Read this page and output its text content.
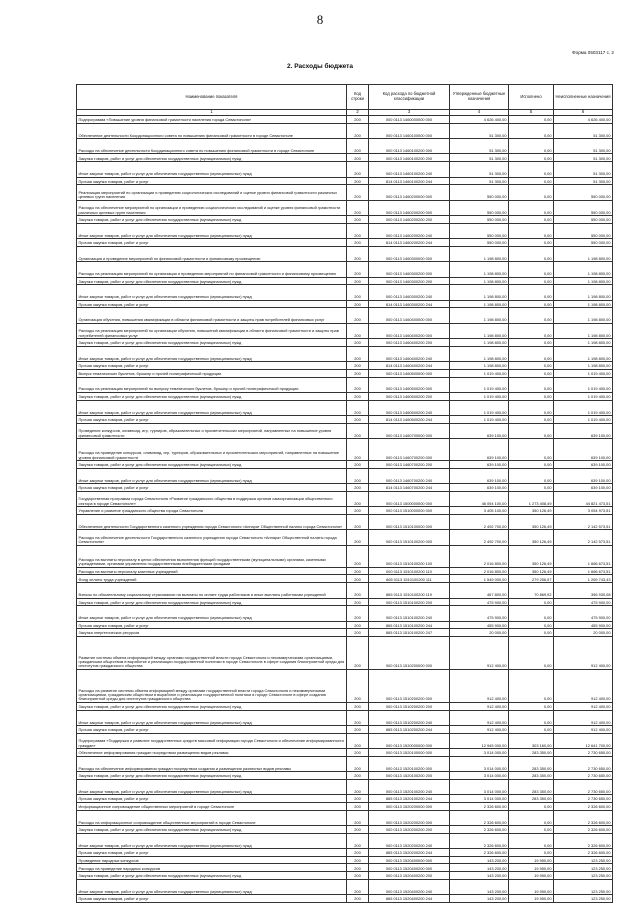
8
Форма 0503117 с. 2
2. Расходы бюджета
Наименование показателя	Код строки	Код расхода по бюджетной классификации	Утвержденные бюджетные назначения	Исполнено	Неисполненные назначения
1	2	3	4	5	6
Подпрограмма «Повышение уровня финансовой грамотности населения города Севастополя»	200	000 0113 1460000000 000	4 626 400,00	0,00	4 626 400,00
Обеспечение деятельности Координационного совета по повышению финансовой грамотности в городе Севастополе	200	000 0113 1460100000 000	51 300,00	0,00	51 300,00
Расходы на обеспечение деятельности Координационного совета по повышению финансовой грамотности в городе Севастополе	200	000 0113 1460100200 000	51 300,00	0,00	51 300,00
Закупка товаров, работ и услуг для обеспечения государственных (муниципальных) нужд	200	000 0113 1460100200 200	51 300,00	0,00	51 300,00
Иные закупки товаров, работ и услуг для обеспечения государственных (муниципальных) нужд	200	000 0113 1460100200 240	51 300,00	0,00	51 300,00
Прочая закупка товаров, работ и услуг	200	814 0113 1460100200 244	51 300,00	0,00	51 300,00
Реализация мероприятий по организации и проведению социологических исследований и оценке уровня финансовой грамотности различных целевых групп населения	200	000 0113 1460200000 000	550 000,00	0,00	550 000,00
Расходы на обеспечение мероприятий по организации и проведению социологических исследований и оценке уровня финансовой грамотности различных целевых групп населения	200	000 0113 1460200200 000	550 000,00	0,00	550 000,00
Закупка товаров, работ и услуг для обеспечения государственных (муниципальных) нужд	200	000 0113 1460200200 200	550 000,00	0,00	550 000,00
Иные закупки товаров, работ и услуг для обеспечения государственных (муниципальных) нужд	200	000 0113 1460200200 240	550 000,00	0,00	550 000,00
Прочая закупка товаров, работ и услуг	200	814 0113 1460200200 244	550 000,00	0,00	550 000,00
Организация и проведение мероприятий по финансовой грамотности и финансовому просвещению	200	000 0113 1460300000 000	1 198 800,00	0,00	1 198 800,00
Расходы на реализацию мероприятий по организации и проведению мероприятий по финансовой грамотности и финансовому просвещению	200	000 0113 1460300200 000	1 198 800,00	0,00	1 198 800,00
Закупка товаров, работ и услуг для обеспечения государственных (муниципальных) нужд	200	000 0113 1460300200 200	1 198 800,00	0,00	1 198 800,00
Иные закупки товаров, работ и услуг для обеспечения государственных (муниципальных) нужд	200	000 0113 1460300200 240	1 198 800,00	0,00	1 198 800,00
Прочая закупка товаров, работ и услуг	200	814 0113 1460300200 244	1 198 800,00	0,00	1 198 800,00
Организация обучения, повышения квалификации в области финансовой грамотности и защиты прав потребителей финансовых услуг	200	000 0113 1460400000 000	1 198 800,00	0,00	1 198 800,00
Расходы на реализацию мероприятий по организации обучения, повышений квалификации в области финансовой грамотности и защиты прав потребителей финансовых услуг	200	000 0113 1460400200 000	1 198 800,00	0,00	1 198 800,00
Закупка товаров, работ и услуг для обеспечения государственных (муниципальных) нужд	200	000 0113 1460400200 200	1 198 800,00	0,00	1 198 800,00
Иные закупки товаров, работ и услуг для обеспечения государственных (муниципальных) нужд	200	000 0113 1460400200 240	1 198 800,00	0,00	1 198 800,00
Прочая закупка товаров, работ и услуг	200	814 0113 1460400200 244	1 198 800,00	0,00	1 198 800,00
Выпуск тематических буклетов, брошюр и прочей полиграфической продукции	200	000 0113 1460500000 000	1 019 400,00	0,00	1 019 400,00
Расходы на реализацию мероприятий по выпуску тематических буклетов, брошюр и прочей полиграфической продукции	200	000 0113 1460500200 000	1 019 400,00	0,00	1 019 400,00
Закупка товаров, работ и услуг для обеспечения государственных (муниципальных) нужд	200	000 0113 1460500200 200	1 019 400,00	0,00	1 019 400,00
Иные закупки товаров, работ и услуг для обеспечения государственных (муниципальных) нужд	200	000 0113 1460500200 240	1 019 400,00	0,00	1 019 400,00
Прочая закупка товаров, работ и услуг	200	814 0113 1460500200 244	1 019 400,00	0,00	1 019 400,00
Проведение конкурсов, олимпиад, игр, турниров, образовательных и просветительских мероприятий, направленных на повышение уровня финансовой грамотности	200	000 0113 1460700000 000	639 100,00	0,00	639 100,00
Расходы на проведение конкурсов, олимпиад, игр, турниров, образовательных и просветительских мероприятий, направленных на повышение уровня финансовой грамотности	200	000 0113 1460700200 000	639 100,00	0,00	639 100,00
Закупка товаров, работ и услуг для обеспечения государственных (муниципальных) нужд	200	000 0113 1460700200 200	639 100,00	0,00	639 100,00
Иные закупки товаров, работ и услуг для обеспечения государственных (муниципальных) нужд	200	000 0113 1460700200 240	639 100,00	0,00	639 100,00
Прочая закупка товаров, работ и услуг	200	814 0113 1460700200 244	639 100,00	0,00	639 100,00
Государственная программа города Севастополя «Развитие гражданского общества в поддержка органов самоорганизации общественного сектора в городе Севастополе»	200	000 0113 1500000000 000	46 094 100,00	1 273 408,49	44 821 473,51
Управление и развитие гражданского общества города Севастополя	200	000 0113 1510000000 000	3 405 100,00	350 126,49	3 054 973,51
Обеспечение деятельности Государственного казенного учреждения города Севастополя «Аппарат Общественной палаты города Севастополя»	200	000 0113 1510100000 000	2 492 700,00	350 126,49	2 142 573,51
Расходы на обеспечение деятельности Государственного казенного учреждения города Севастополя «Аппарат Общественной палаты города Севастополя»	200	000 0113 1510100200 000	2 492 700,00	350 126,49	2 142 573,51
Расходы на выплаты персоналу в целях обеспечения выполнения функций государственными (муниципальными) органами, казенными учреждениями, органами управления государственными внебюджетными фондами	200	000 0113 1510100200 100	2 016 800,00	350 126,49	1 666 673,51
Расходы на выплаты персоналу казенных учреждений	200	000 0113 1510100200 110	2 016 800,00	350 126,49	1 666 673,51
Фонд оплаты труда учреждений	200	865 0113 1510100200 111	1 549 000,00	279 256,57	1 269 743,43
Взносы по обязательному социальному страхованию на выплаты по оплате труда работников и иные выплаты работникам учреждений	200	865 0113 1510100200 119	467 800,00	70 869,92	396 930,08
Закупка товаров, работ и услуг для обеспечения государственных (муниципальных) нужд	200	000 0113 1510100200 200	475 900,00	0,00	475 900,00
Иные закупки товаров, работ и услуг для обеспечения государственных (муниципальных) нужд	200	000 0113 1510100200 240	475 900,00	0,00	475 900,00
Прочая закупка товаров, работ и услуг	200	865 0113 1510100200 244	455 900,00	0,00	455 900,00
Закупка энергетических ресурсов	200	865 0113 1510100200 247	20 000,00	0,00	20 000,00
Развитие системы обмена информацией между органами государственной власти города Севастополя и некоммерческими организациями, гражданским обществом в выработке и реализации государственной политики в городе Севастополе в сфере создания благоприятной среды для институтов гражданского общества	200	000 0113 1510200000 000	912 400,00	0,00	912 400,00
Расходы на развитие системы обмена информацией между органами государственной власти города Севастополя и некоммерческими организациями, гражданским обществом в выработке и реализации государственной политики в городе Севастополе в сфере создания благоприятной среды для институтов гражданского общества	200	000 0113 1510200200 000	912 400,00	0,00	912 400,00
Закупка товаров, работ и услуг для обеспечения государственных (муниципальных) нужд	200	000 0113 1510200200 200	912 400,00	0,00	912 400,00
Иные закупки товаров, работ и услуг для обеспечения государственных (муниципальных) нужд	200	000 0113 1510200200 240	912 400,00	0,00	912 400,00
Прочая закупка товаров, работ и услуг	200	865 0113 1510200200 244	912 400,00	0,00	912 400,00
Подпрограмма «Поддержка и развитие государственных средств массовой информации города Севастополя и обеспечение информированности граждан»	200	000 0113 1520000000 000	12 945 000,00	303 160,00	12 641 700,00
Обеспечение информирования граждан посредством размещения видов рекламы	200	000 0113 1520100000 000	3 014 000,00	283 350,00	2 730 650,00
Расходы на обеспечение информирования граждан посредством создания и размещения различных видов рекламы	200	000 0113 1520100200 000	3 014 000,00	283 350,00	2 730 650,00
Закупка товаров, работ и услуг для обеспечения государственных (муниципальных) нужд	200	000 0113 1520100200 200	3 014 000,00	283 350,00	2 730 650,00
Иные закупки товаров, работ и услуг для обеспечения государственных (муниципальных) нужд	200	000 0113 1520100200 240	3 014 000,00	283 350,00	2 730 650,00
Прочая закупка товаров, работ и услуг	200	865 0113 1520100200 244	3 014 000,00	283 350,00	2 730 650,00
Информационное сопровождение общественных мероприятий в городе Севастополе	200	000 0113 1520200000 000	2 326 600,00	0,00	2 326 600,00
Расходы на информационное сопровождение общественных мероприятий в городе Севастополе	200	000 0113 1520200200 000	2 326 600,00	0,00	2 326 600,00
Закупка товаров, работ и услуг для обеспечения государственных (муниципальных) нужд	200	000 0113 1520200200 200	2 326 600,00	0,00	2 326 600,00
Иные закупки товаров, работ и услуг для обеспечения государственных (муниципальных) нужд	200	000 0113 1520200200 240	2 326 600,00	0,00	2 326 600,00
Прочая закупка товаров, работ и услуг	200	865 0113 1520200200 244	2 326 600,00	0,00	2 326 600,00
Проведение народных конкурсов	200	000 0113 1520400000 000	143 200,00	19 950,00	123 250,00
Расходы на проведение народных конкурсов	200	000 0113 1520400200 000	143 200,00	19 950,00	123 250,00
Закупка товаров, работ и услуг для обеспечения государственных (муниципальных) нужд	200	000 0113 1520400200 200	143 200,00	19 950,00	123 250,00
Иные закупки товаров, работ и услуг для обеспечения государственных (муниципальных) нужд	200	000 0113 1520400200 240	143 200,00	19 950,00	123 250,00
Прочая закупка товаров, работ и услуг	200	865 0113 1520400200 244	143 200,00	19 950,00	123 250,00
